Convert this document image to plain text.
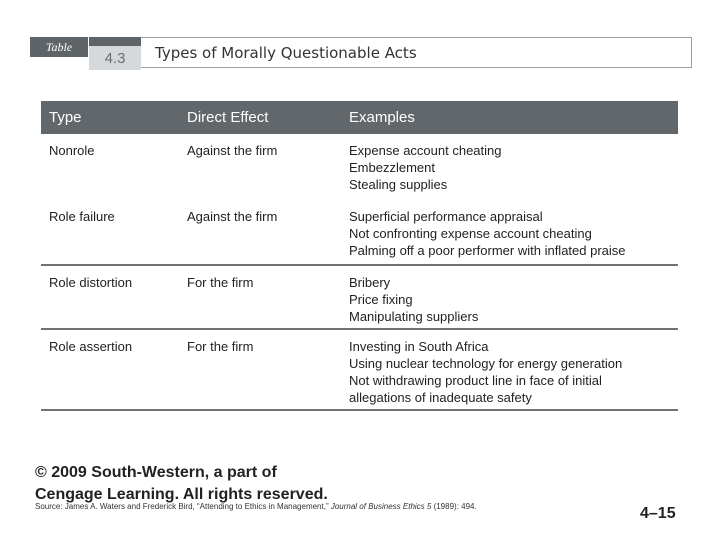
Table
4.3	Types of Morally Questionable Acts
Type	Direct Effect	Examples
Nonrole	Against the firm	Expense account cheating
Embezzlement
Stealing supplies
Role failure	Against the firm	Superficial performance appraisal
Not confronting expense account cheating
Palming off a poor performer with inflated praise
Role distortion	For the firm	Bribery
Price fixing
Manipulating suppliers
Role assertion	For the firm	Investing in South Africa
Using nuclear technology for energy generation
Not withdrawing product line in face of initial
allegations of inadequate safety
© 2009 South-Western, a part of Cengage Learning. All rights reserved.
Source: James A. Waters and Frederick Bird, “Attending to Ethics in Management,” Journal of Business Ethics 5 (1989): 494.	4–15
